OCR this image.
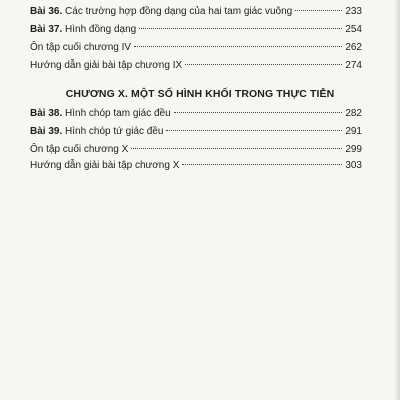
Bài 36. Các trường hợp đồng dạng của hai tam giác vuông	233
Bài 37. Hình đồng dạng	254
Ôn tập cuối chương IV	262
Hướng dẫn giải bài tập chương IX	274
CHƯƠNG X. MỘT SỐ HÌNH KHỐI TRONG THỰC TIỄN
Bài 38. Hình chóp tam giác đều	282
Bài 39. Hình chóp tứ giác đều	291
Ôn tập cuối chương X	299
Hướng dẫn giải bài tập chương X	303
